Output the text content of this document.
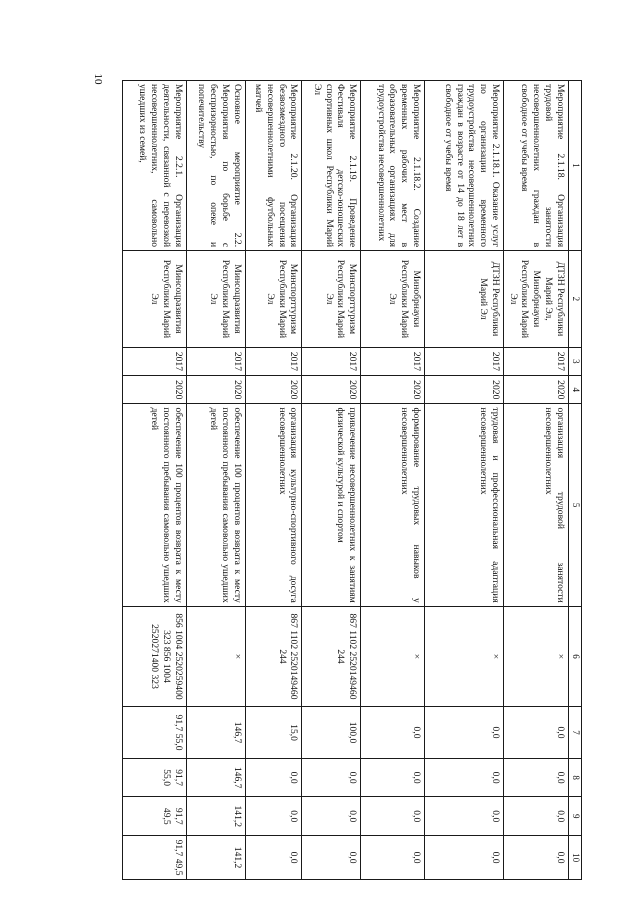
10
1	2	3	4	5	6	7	8	9	10
Мероприятие 2.1.18. Организация трудовой занятости несовершеннолетних граждан в свободное от учебы время	ДТЗН Республики Марий Эл, Минобрнауки Республики Марий Эл	2017	2020	организация трудовой занятости несовершеннолетних	×	0,0	0,0	0,0	0,0
Мероприятие 2.1.18.1. Оказание услуг по организации временного трудоустройства несовершеннолетних граждан в возрасте от 14 до 18 лет в свободное от учебы время	ДТЗН Республики Марий Эл	2017	2020	трудовая и профессиональная адаптация несовершеннолетних	×	0,0	0,0	0,0	0,0
Мероприятие 2.1.18.2. Создание временных рабочих мест в образовательных организациях для трудоустройства несовершеннолетних	Минобрнауки Республики Марий Эл	2017	2020	формирование трудовых навыков у несовершеннолетних	×	0,0	0,0	0,0	0,0
Мероприятие 2.1.19. Проведение Фестиваля детско-юношеских спортивных школ Республики Марий Эл	Минспорттуризм Республики Марий Эл	2017	2020	привлечение несовершеннолетних к занятиям физической культурой и спортом	867 1102 2520149460 244	100,0	0,0	0,0	0,0
Мероприятие 2.1.20. Организация безвозмездного посещения несовершеннолетними футбольных матчей	Минспорттуризм Республики Марий Эл	2017	2020	организация культурно-спортивного досуга несовершеннолетних	867 1102 2520149460 244	15,0	0,0	0,0	0,0
Основное мероприятие 2.2. Мероприятия по борьбе с беспризорностью, по опеке и попечительству	Минсоцразвития Республики Марий Эл	2017	2020	обеспечение 100 процентов возврата к месту постоянного пребывания самовольно ушедших детей	×	146,7	146,7	141,2	141,2
Мероприятие 2.2.1. Организация деятельности, связанной с перевозкой несовершеннолетних, самовольно ушедших из семей,	Минсоцразвития Республики Марий Эл	2017	2020	обеспечение 100 процентов возврата к месту постоянного пребывания самовольно ушедших детей	856 1004 2520259400 323 856 1004 2520271400 323	91,7 55,0	91,7 55,0	91,7 49,5	91,7 49,5
